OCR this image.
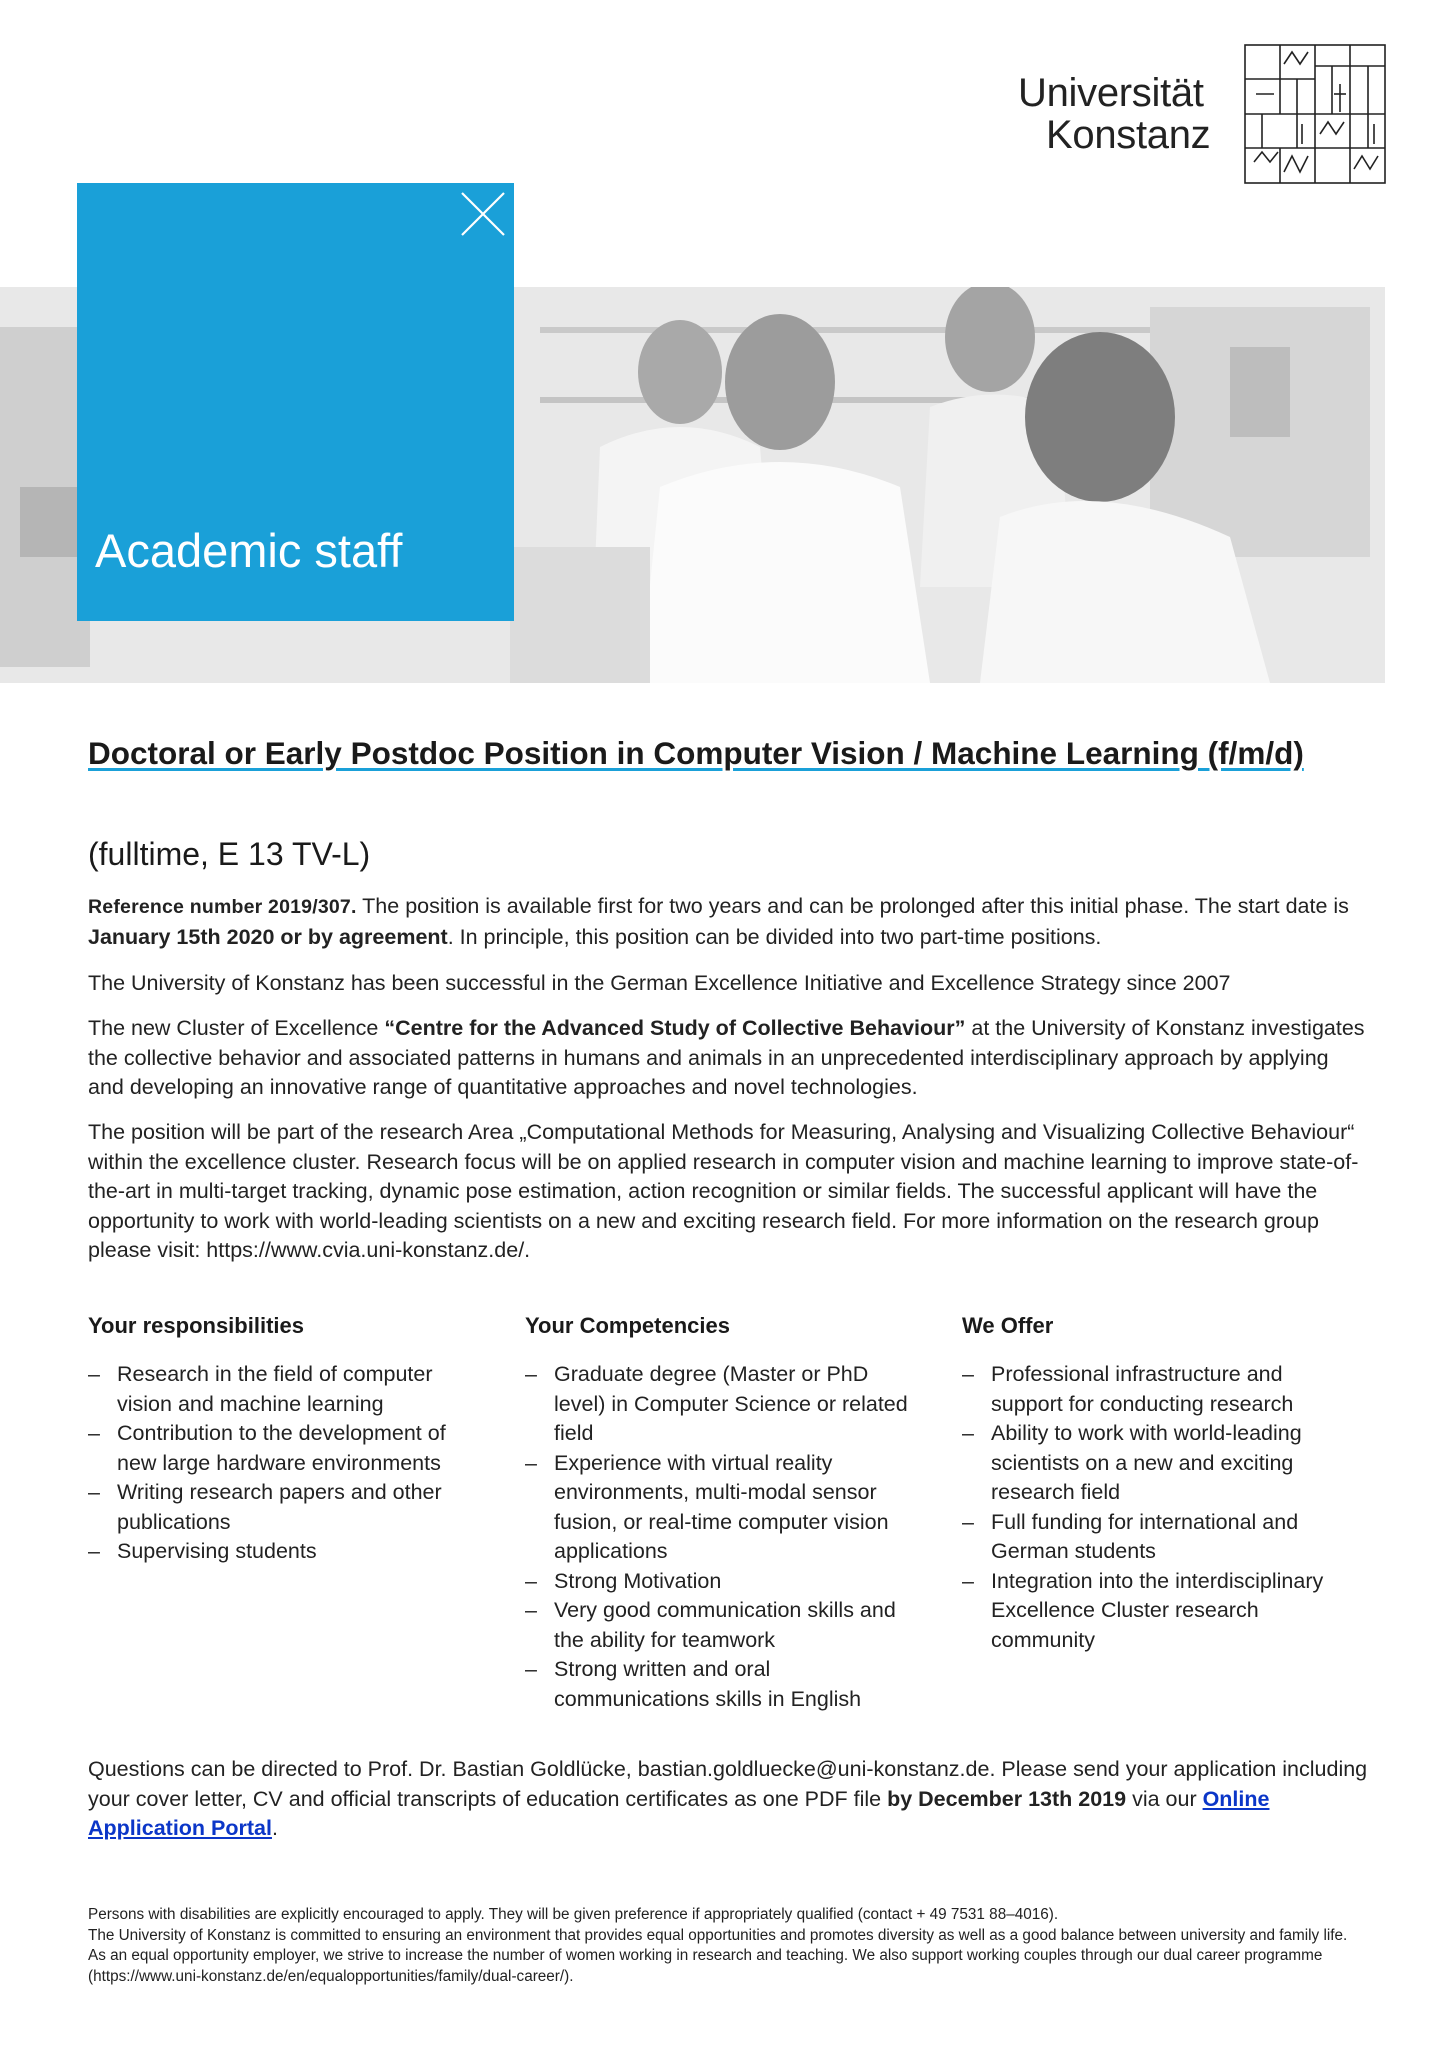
Universität
Konstanz
Academic staff
Doctoral or Early Postdoc Position in Computer Vision / Machine Learning (f/m/d)
(fulltime, E 13 TV-L)

Reference number 2019/307. The position is available first for two years and can be prolonged after this initial phase. The start date is January 15th 2020 or by agreement. In principle, this position can be divided into two part-time positions.

The University of Konstanz has been successful in the German Excellence Initiative and Excellence Strategy since 2007

The new Cluster of Excellence “Centre for the Advanced Study of Collective Behaviour” at the University of Konstanz investigates the collective behavior and associated patterns in humans and animals in an unprecedented interdisciplinary approach by applying and developing an innovative range of quantitative approaches and novel technologies.

The position will be part of the research Area „Computational Methods for Measuring, Analysing and Visualizing Collective Behaviour“ within the excellence cluster. Research focus will be on applied research in computer vision and machine learning to improve state-of-the-art in multi-target tracking, dynamic pose estimation, action recognition or similar fields. The successful applicant will have the opportunity to work with world-leading scientists on a new and exciting research field. For more information on the research group please visit: https://www.cvia.uni-konstanz.de/.

Your responsibilities
– Research in the field of computer vision and machine learning
– Contribution to the development of new large hardware environments
– Writing research papers and other publications
– Supervising students
Your Competencies
– Graduate degree (Master or PhD level) in Computer Science or related field
– Experience with virtual reality environments, multi-modal sensor fusion, or real-time computer vision applications
– Strong Motivation
– Very good communication skills and the ability for teamwork
– Strong written and oral communications skills in English
We Offer
– Professional infrastructure and support for conducting research
– Ability to work with world-leading scientists on a new and exciting research field
– Full funding for international and German students
– Integration into the interdisciplinary Excellence Cluster research community

Questions can be directed to Prof. Dr. Bastian Goldlücke, bastian.goldluecke@uni-konstanz.de. Please send your application including your cover letter, CV and official transcripts of education certificates as one PDF file by December 13th 2019 via our Online Application Portal.

Persons with disabilities are explicitly encouraged to apply. They will be given preference if appropriately qualified (contact + 49 7531 88–4016).
The University of Konstanz is committed to ensuring an environment that provides equal opportunities and promotes diversity as well as a good balance between university and family life. As an equal opportunity employer, we strive to increase the number of women working in research and teaching. We also support working couples through our dual career programme (https://www.uni-konstanz.de/en/equalopportunities/family/dual-career/).
